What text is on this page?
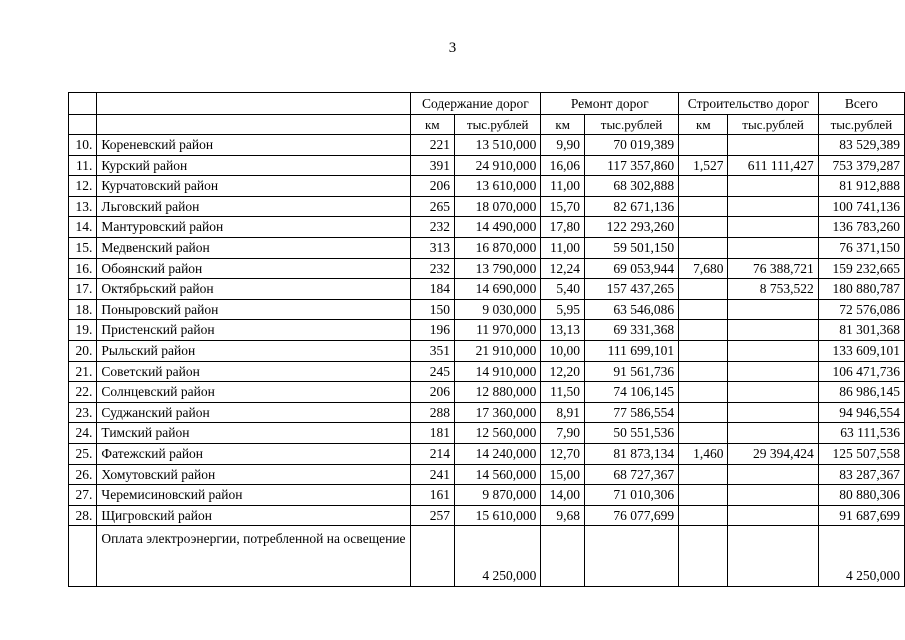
3
		Содержание дорог		Ремонт дорог		Строительство дорог		Всего
		км	тыс.рублей	км	тыс.рублей	км	тыс.рублей	тыс.рублей
10.	Кореневский район	221	13 510,000	9,90	70 019,389			83 529,389
11.	Курский район	391	24 910,000	16,06	117 357,860	1,527	611 111,427	753 379,287
12.	Курчатовский район	206	13 610,000	11,00	68 302,888			81 912,888
13.	Льговский район	265	18 070,000	15,70	82 671,136			100 741,136
14.	Мантуровский район	232	14 490,000	17,80	122 293,260			136 783,260
15.	Медвенский район	313	16 870,000	11,00	59 501,150			76 371,150
16.	Обоянский район	232	13 790,000	12,24	69 053,944	7,680	76 388,721	159 232,665
17.	Октябрьский район	184	14 690,000	5,40	157 437,265		8 753,522	180 880,787
18.	Поныровский район	150	9 030,000	5,95	63 546,086			72 576,086
19.	Пристенский район	196	11 970,000	13,13	69 331,368			81 301,368
20.	Рыльский район	351	21 910,000	10,00	111 699,101			133 609,101
21.	Советский район	245	14 910,000	12,20	91 561,736			106 471,736
22.	Солнцевский район	206	12 880,000	11,50	74 106,145			86 986,145
23.	Суджанский район	288	17 360,000	8,91	77 586,554			94 946,554
24.	Тимский район	181	12 560,000	7,90	50 551,536			63 111,536
25.	Фатежский район	214	14 240,000	12,70	81 873,134	1,460	29 394,424	125 507,558
26.	Хомутовский район	241	14 560,000	15,00	68 727,367			83 287,367
27.	Черемисиновский район	161	9 870,000	14,00	71 010,306			80 880,306
28.	Щигровский район	257	15 610,000	9,68	76 077,699			91 687,699
	Оплата электроэнергии, потребленной на освещение		4 250,000					4 250,000
